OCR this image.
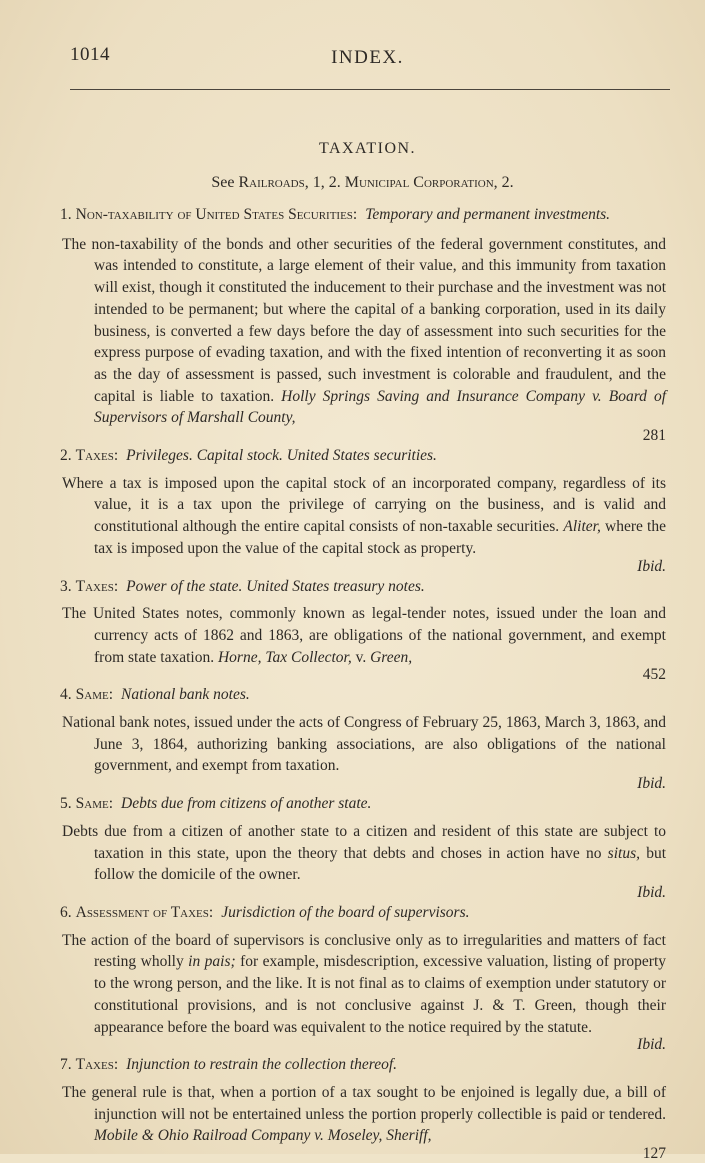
1014	INDEX.
TAXATION.
See Railroads, 1, 2. Municipal Corporation, 2.
1. Non-taxability of United States Securities: Temporary and permanent investments.
The non-taxability of the bonds and other securities of the federal government constitutes, and was intended to constitute, a large element of their value, and this immunity from taxation will exist, though it constituted the inducement to their purchase and the investment was not intended to be permanent; but where the capital of a banking corporation, used in its daily business, is converted a few days before the day of assessment into such securities for the express purpose of evading taxation, and with the fixed intention of reconverting it as soon as the day of assessment is passed, such investment is colorable and fraudulent, and the capital is liable to taxation. Holly Springs Saving and Insurance Company v. Board of Supervisors of Marshall County,
281
2. Taxes: Privileges. Capital stock. United States securities.
Where a tax is imposed upon the capital stock of an incorporated company, regardless of its value, it is a tax upon the privilege of carrying on the business, and is valid and constitutional although the entire capital consists of non-taxable securities. Aliter, where the tax is imposed upon the value of the capital stock as property.
Ibid.
3. Taxes: Power of the state. United States treasury notes.
The United States notes, commonly known as legal-tender notes, issued under the loan and currency acts of 1862 and 1863, are obligations of the national government, and exempt from state taxation. Horne, Tax Collector, v. Green,
452
4. Same: National bank notes.
National bank notes, issued under the acts of Congress of February 25, 1863, March 3, 1863, and June 3, 1864, authorizing banking associations, are also obligations of the national government, and exempt from taxation.
Ibid.
5. Same: Debts due from citizens of another state.
Debts due from a citizen of another state to a citizen and resident of this state are subject to taxation in this state, upon the theory that debts and choses in action have no situs, but follow the domicile of the owner.
Ibid.
6. Assessment of Taxes: Jurisdiction of the board of supervisors.
The action of the board of supervisors is conclusive only as to irregularities and matters of fact resting wholly in pais; for example, misdescription, excessive valuation, listing of property to the wrong person, and the like. It is not final as to claims of exemption under statutory or constitutional provisions, and is not conclusive against J. & T. Green, though their appearance before the board was equivalent to the notice required by the statute.
Ibid.
7. Taxes: Injunction to restrain the collection thereof.
The general rule is that, when a portion of a tax sought to be enjoined is legally due, a bill of injunction will not be entertained unless the portion properly collectible is paid or tendered. Mobile & Ohio Railroad Company v. Moseley, Sheriff,
127
